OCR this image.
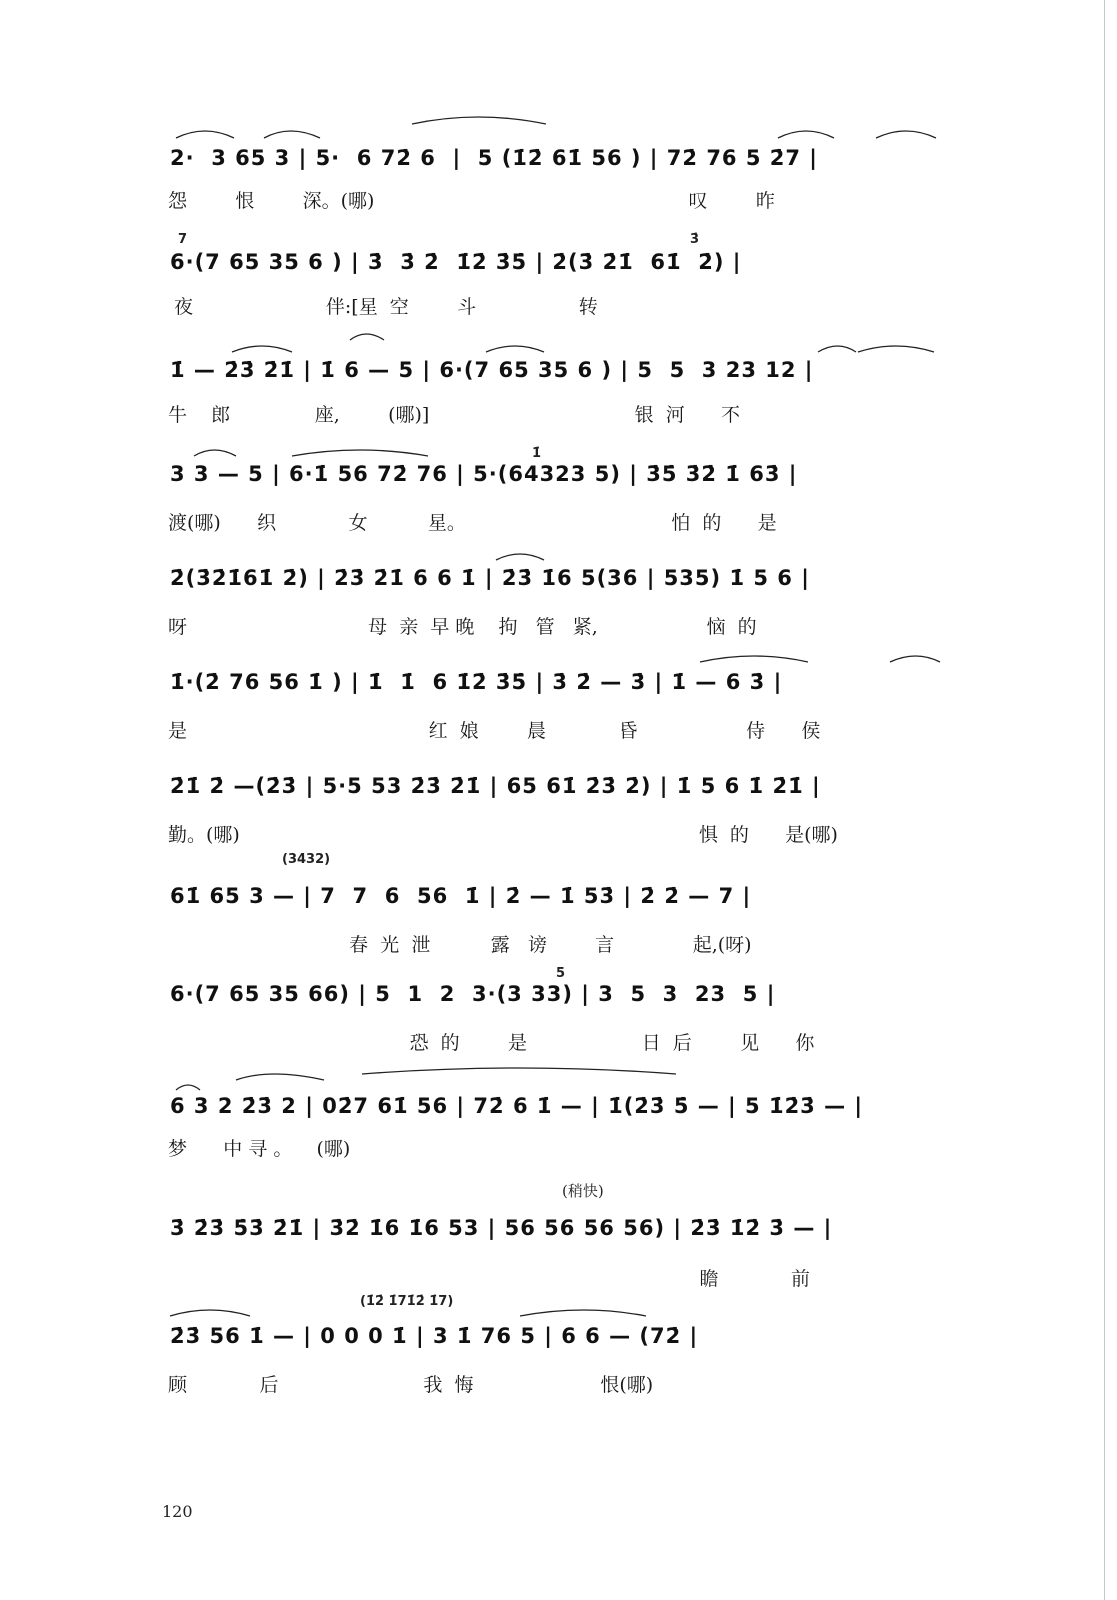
2·  3 65 3 | 5·  6 72̇ 6  |  5 (1̇2̇ 61̇ 56 ) | 72̇ 76 5 2̇7 |
怨        恨        深。(哪)                                                    叹        昨
7	3̇
6·(7 65 35 6 ) | 3̇  3̇ 2̇  1̇2̇ 3̇5̇ | 2̇(3̇ 2̇1̇  61̇  2̇) |
夜                      伴:[星  空        斗                 转
1̇ — 2̇3̇ 2̇1̇ | 1̇ 6 — 5 | 6·(7 65 35 6 ) | 5  5  3 23 12 |
牛    郎              座,        (哪)]                                  银  河      不
1̇
3 3 — 5 | 6·1̇ 56 72̇ 76 | 5·(64323 5) | 3̇5̇ 3̇2̇ 1̇ 63̇ |
渡(哪)      织            女          星。                                  怕  的      是
2̇(3̇2̇1̇61̇ 2̇) | 2̇3̇ 2̇1̇ 6 6 1̇ | 2̇3̇ 1̇6 5(36 | 535) 1̇ 5 6 |
呀                              母  亲  早 晚    拘   管   紧,                  恼  的
1̇·(2̇ 76 56 1̇ ) | 1̇  1̇  6 1̇2̇ 3̇5̇ | 3̇ 2̇ — 3̇ | 1̇ — 6 3̇ |
是                                        红  娘        晨            昏                  侍      侯
2̇1̇ 2̇ —(2̇3̇ | 5·5 53 2̇3̇ 2̇1̇ | 65 61̇ 2̇3̇ 2̇) | 1̇ 5 6 1̇ 2̇1̇ |
勤。(哪)                                                                            惧  的      是(哪)
(3432)
61̇ 65 3 — | 7  7  6  56  1̇ | 2̇ — 1̇ 53̇ | 2̇ 2̇ — 7 |
春  光  泄          露   谤        言             起,(呀)
5
6·(7 65 35 66) | 5  1  2  3·(3 33) | 3  5  3  23  5 |
恐  的        是                   日  后        见      你
6 3 2 2̇3̇ 2 | 02̇7 61̇ 56 | 72̇ 6 1̇ — | 1̇(2̇3̇ 5̇ — | 5 1̇2̇3̇ — |
梦      中 寻 。    (哪)
(稍快)
3̇ 2̇3̇ 5̇3̇ 2̇1̇ | 3̇2̇ 1̇6 1̇6 53 | 56 56 56 56) | 2̇3̇ 1̇2̇ 3̇ — |
瞻            前
(1̇2̇ 1̇71̇2̇ 1̇7)
2̇3̇ 56 1̇ — | 0 0 0 1̇ | 3 1̇ 76 5 | 6 6 — (72̇ |
顾            后                        我  悔                     恨(哪)
120
